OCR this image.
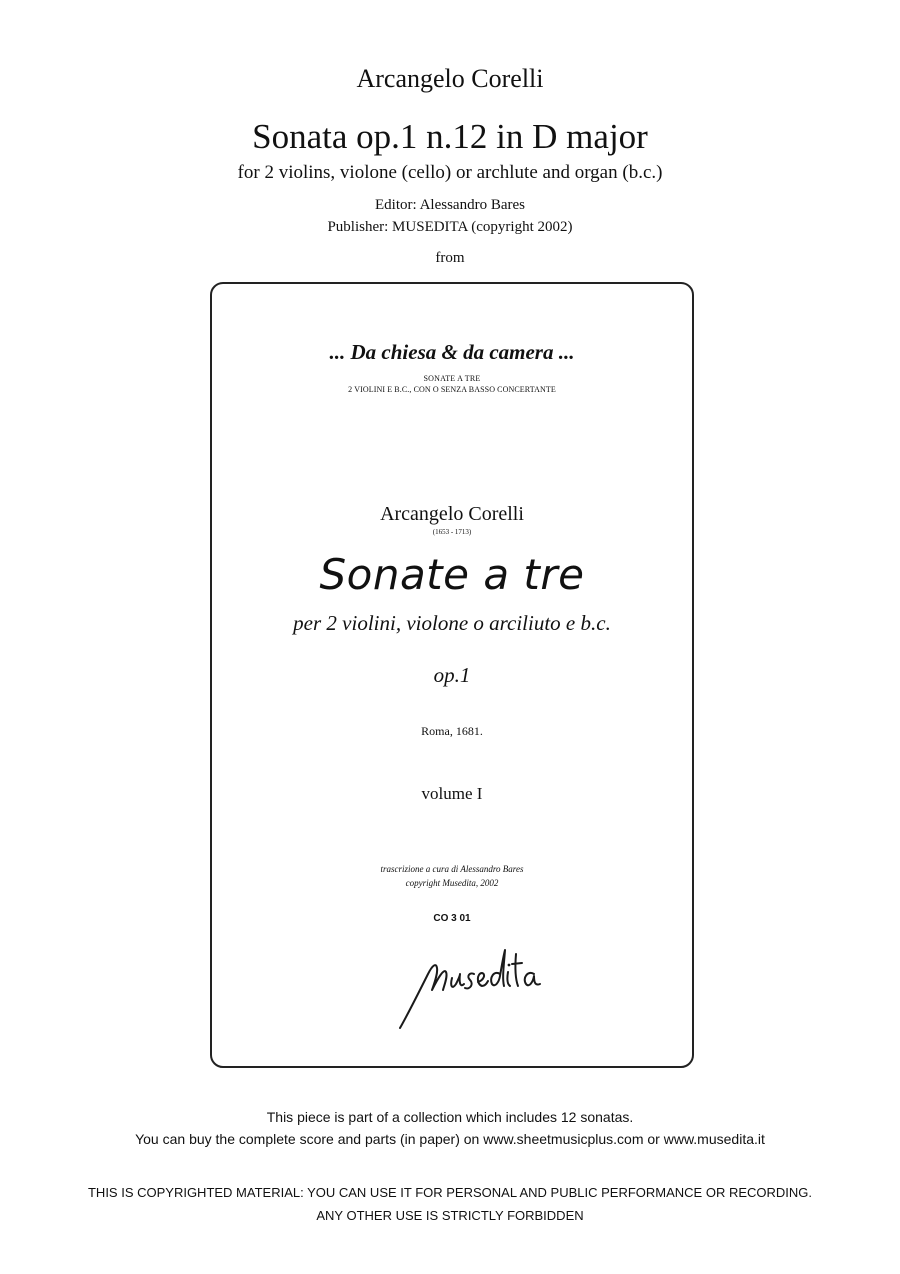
Arcangelo Corelli
Sonata op.1 n.12 in D major
for 2 violins, violone (cello) or archlute and organ (b.c.)
Editor: Alessandro Bares
Publisher: MUSEDITA (copyright 2002)
from
... Da chiesa & da camera ...
SONATE A TRE
2 VIOLINI E B.C., CON O SENZA BASSO CONCERTANTE
Arcangelo Corelli
(1653 - 1713)
Sonate a tre
per 2 violini, violone o arciliuto e b.c.
op.1
Roma, 1681.
volume I
trascrizione a cura di Alessandro Bares
copyright Musedita, 2002
CO 3 01
This piece is part of a collection which includes 12 sonatas.
You can buy the complete score and parts (in paper) on www.sheetmusicplus.com or www.musedita.it
THIS IS COPYRIGHTED MATERIAL: YOU CAN USE IT FOR PERSONAL AND PUBLIC PERFORMANCE OR RECORDING.
ANY OTHER USE IS STRICTLY FORBIDDEN
